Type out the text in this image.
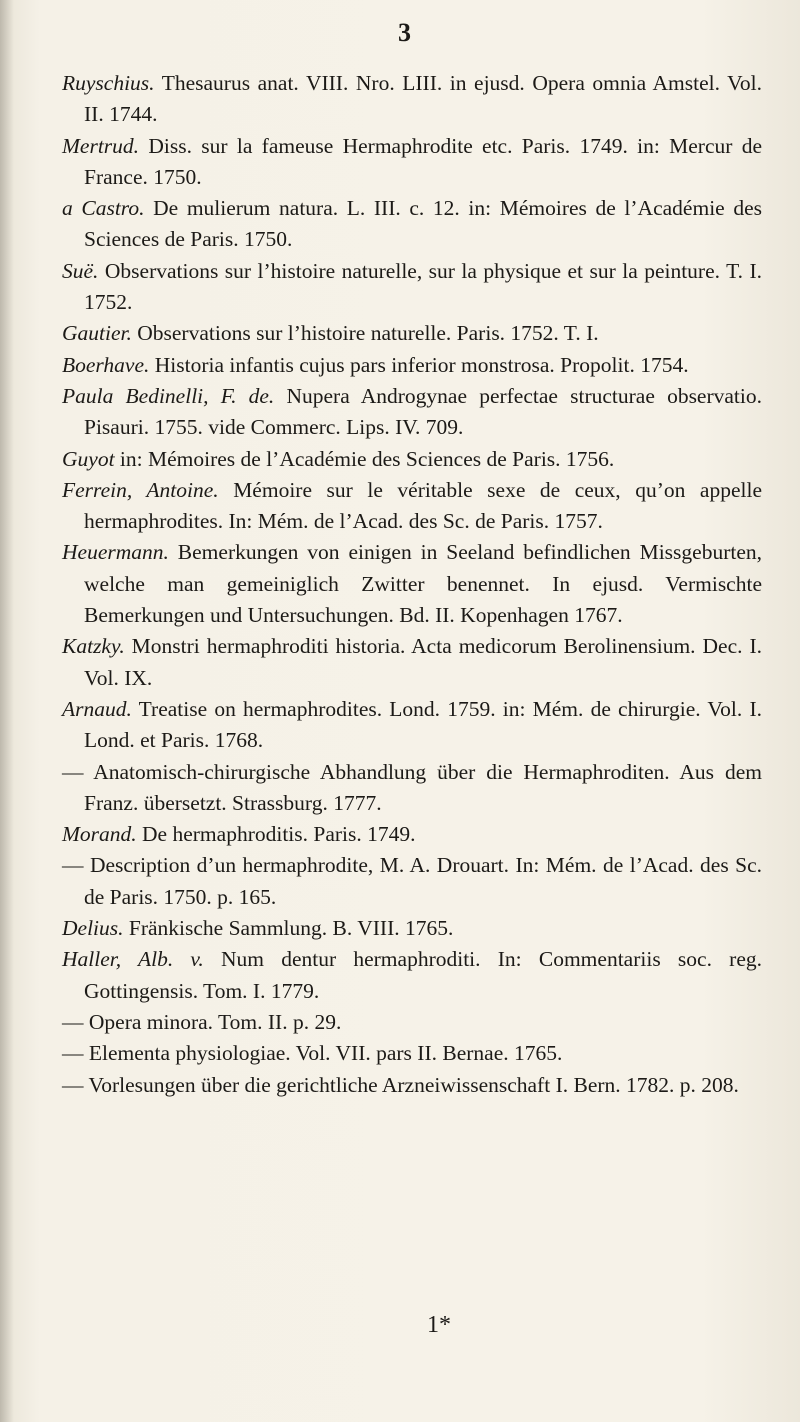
3
Ruyschius. Thesaurus anat. VIII. Nro. LIII. in ejusd. Opera omnia Amstel. Vol. II. 1744.
Mertrud. Diss. sur la fameuse Hermaphrodite etc. Paris. 1749. in: Mercur de France. 1750.
a Castro. De mulierum natura. L. III. c. 12. in: Mémoires de l’Académie des Sciences de Paris. 1750.
Suë. Observations sur l’histoire naturelle, sur la physique et sur la peinture. T. I. 1752.
Gautier. Observations sur l’histoire naturelle. Paris. 1752. T. I.
Boerhave. Historia infantis cujus pars inferior monstrosa. Propolit. 1754.
Paula Bedinelli, F. de. Nupera Androgynae perfectae structurae observatio. Pisauri. 1755. vide Commerc. Lips. IV. 709.
Guyot in: Mémoires de l’Académie des Sciences de Paris. 1756.
Ferrein, Antoine. Mémoire sur le véritable sexe de ceux, qu’on appelle hermaphrodites. In: Mém. de l’Acad. des Sc. de Paris. 1757.
Heuermann. Bemerkungen von einigen in Seeland befindlichen Missgeburten, welche man gemeiniglich Zwitter benennet. In ejusd. Vermischte Bemerkungen und Untersuchungen. Bd. II. Kopenhagen 1767.
Katzky. Monstri hermaphroditi historia. Acta medicorum Berolinensium. Dec. I. Vol. IX.
Arnaud. Treatise on hermaphrodites. Lond. 1759. in: Mém. de chirurgie. Vol. I. Lond. et Paris. 1768.
— Anatomisch-chirurgische Abhandlung über die Hermaphroditen. Aus dem Franz. übersetzt. Strassburg. 1777.
Morand. De hermaphroditis. Paris. 1749.
— Description d’un hermaphrodite, M. A. Drouart. In: Mém. de l’Acad. des Sc. de Paris. 1750. p. 165.
Delius. Fränkische Sammlung. B. VIII. 1765.
Haller, Alb. v. Num dentur hermaphroditi. In: Commentariis soc. reg. Gottingensis. Tom. I. 1779.
— Opera minora. Tom. II. p. 29.
— Elementa physiologiae. Vol. VII. pars II. Bernae. 1765.
— Vorlesungen über die gerichtliche Arzneiwissenschaft I. Bern. 1782. p. 208.
1*
